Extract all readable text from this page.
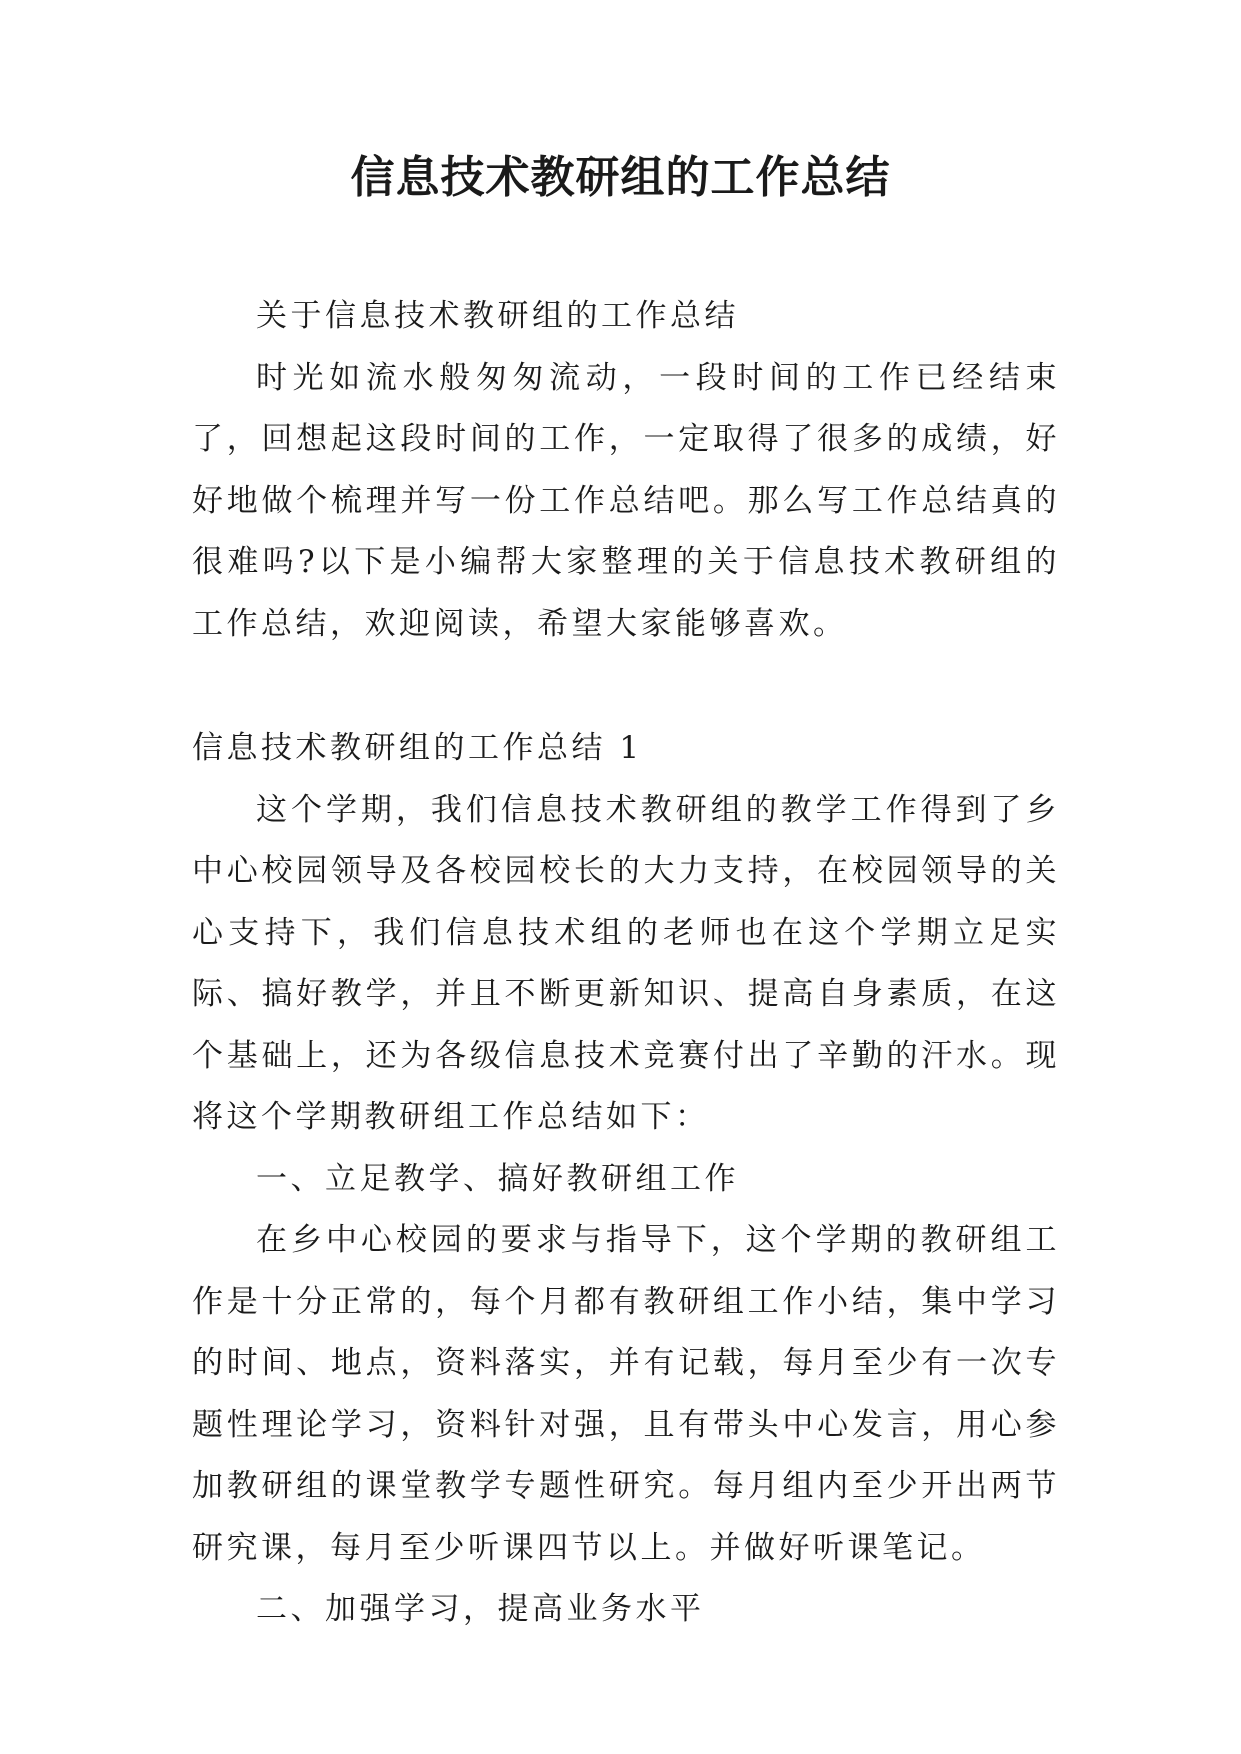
信息技术教研组的工作总结

关于信息技术教研组的工作总结

时光如流水般匆匆流动，一段时间的工作已经结束了，回想起这段时间的工作，一定取得了很多的成绩，好好地做个梳理并写一份工作总结吧。那么写工作总结真的很难吗?以下是小编帮大家整理的关于信息技术教研组的工作总结，欢迎阅读，希望大家能够喜欢。

信息技术教研组的工作总结 1

这个学期，我们信息技术教研组的教学工作得到了乡中心校园领导及各校园校长的大力支持，在校园领导的关心支持下，我们信息技术组的老师也在这个学期立足实际、搞好教学，并且不断更新知识、提高自身素质，在这个基础上，还为各级信息技术竞赛付出了辛勤的汗水。现将这个学期教研组工作总结如下：

一、立足教学、搞好教研组工作

在乡中心校园的要求与指导下，这个学期的教研组工作是十分正常的，每个月都有教研组工作小结，集中学习的时间、地点，资料落实，并有记载，每月至少有一次专题性理论学习，资料针对强，且有带头中心发言，用心参加教研组的课堂教学专题性研究。每月组内至少开出两节研究课，每月至少听课四节以上。并做好听课笔记。

二、加强学习，提高业务水平
